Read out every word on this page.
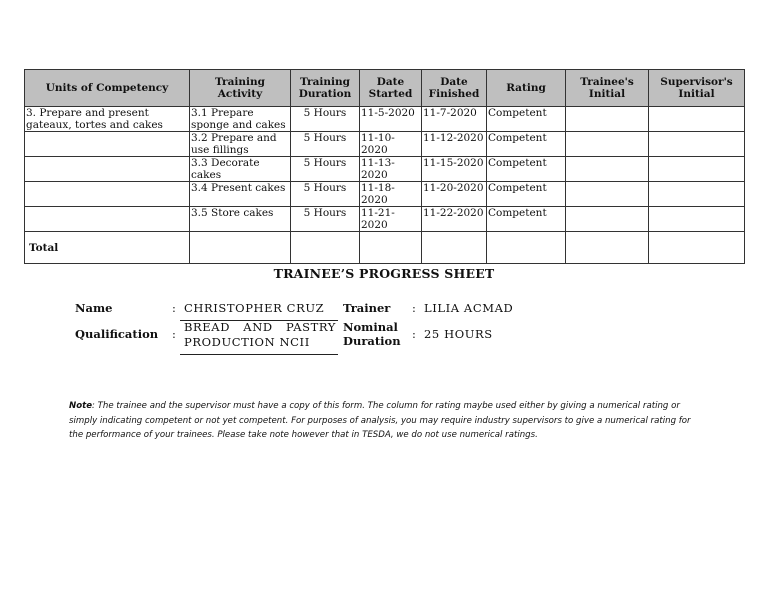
Units of Competency	Training Activity	Training Duration	Date Started	Date Finished	Rating	Trainee's Initial	Supervisor's Initial
3. Prepare and present gateaux, tortes and cakes	3.1 Prepare sponge and cakes	5 Hours	11-5-2020	11-7-2020	Competent		
	3.2 Prepare and use fillings	5 Hours	11-10-2020	11-12-2020	Competent		
	3.3 Decorate cakes	5 Hours	11-13-2020	11-15-2020	Competent		
	3.4 Present cakes	5 Hours	11-18-2020	11-20-2020	Competent		
	3.5 Store cakes	5 Hours	11-21-2020	11-22-2020	Competent		
Total							
TRAINEE’S PROGRESS SHEET
Name	: CHRISTOPHER CRUZ Trainer : LILIA ACMAD
Qualification : BREAD AND PASTRY
PRODUCTION NCII
Nominal
Duration : 25 HOURS
Note: The trainee and the supervisor must have a copy of this form. The column for rating maybe used either by giving a numerical rating or simply indicating competent or not yet competent. For purposes of analysis, you may require industry supervisors to give a numerical rating for the performance of your trainees. Please take note however that in TESDA, we do not use numerical ratings.
